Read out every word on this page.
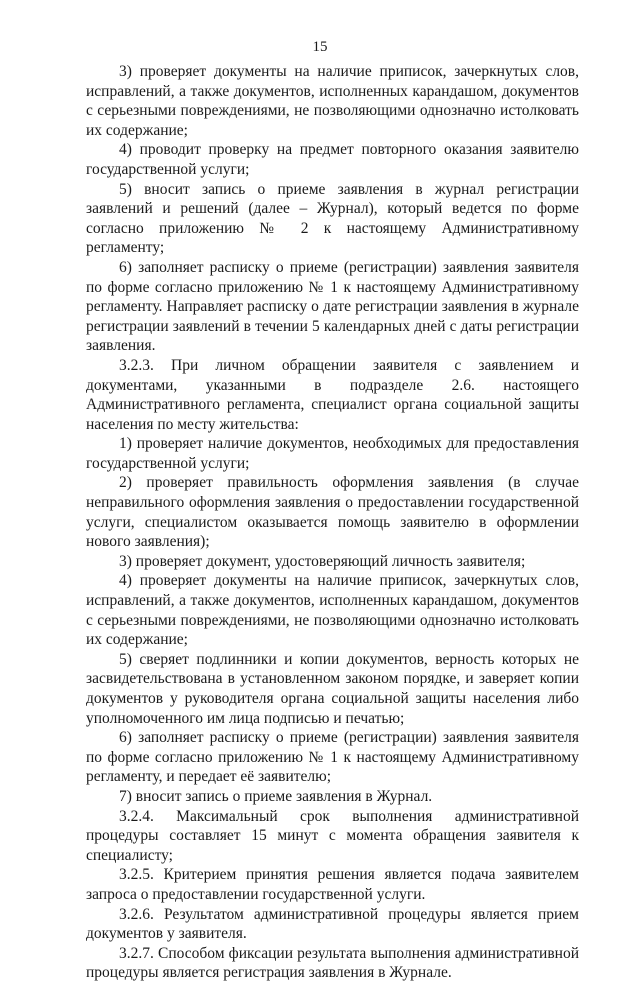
15

3) проверяет документы на наличие приписок, зачеркнутых слов, исправлений, а также документов, исполненных карандашом, документов с серьезными повреждениями, не позволяющими однозначно истолковать их содержание;

4) проводит проверку на предмет повторного оказания заявителю государственной услуги;

5) вносит запись о приеме заявления в журнал регистрации заявлений и решений (далее – Журнал), который ведется по форме согласно приложению № 2 к настоящему Административному регламенту;

6) заполняет расписку о приеме (регистрации) заявления заявителя по форме согласно приложению № 1 к настоящему Административному регламенту. Направляет расписку о дате регистрации заявления в журнале регистрации заявлений в течении 5 календарных дней с даты регистрации заявления.

3.2.3. При личном обращении заявителя с заявлением и документами, указанными в подразделе 2.6. настоящего Административного регламента, специалист органа социальной защиты населения по месту жительства:

1) проверяет наличие документов, необходимых для предоставления государственной услуги;

2) проверяет правильность оформления заявления (в случае неправильного оформления заявления о предоставлении государственной услуги, специалистом оказывается помощь заявителю в оформлении нового заявления);

3) проверяет документ, удостоверяющий личность заявителя;

4) проверяет документы на наличие приписок, зачеркнутых слов, исправлений, а также документов, исполненных карандашом, документов с серьезными повреждениями, не позволяющими однозначно истолковать их содержание;

5) сверяет подлинники и копии документов, верность которых не засвидетельствована в установленном законом порядке, и заверяет копии документов у руководителя органа социальной защиты населения либо уполномоченного им лица подписью и печатью;

6) заполняет расписку о приеме (регистрации) заявления заявителя по форме согласно приложению № 1 к настоящему Административному регламенту, и передает её заявителю;

7) вносит запись о приеме заявления в Журнал.

3.2.4. Максимальный срок выполнения административной процедуры составляет 15 минут с момента обращения заявителя к специалисту;

3.2.5. Критерием принятия решения является подача заявителем запроса о предоставлении государственной услуги.

3.2.6. Результатом административной процедуры является прием документов у заявителя.

3.2.7. Способом фиксации результата выполнения административной процедуры является регистрация заявления в Журнале.
